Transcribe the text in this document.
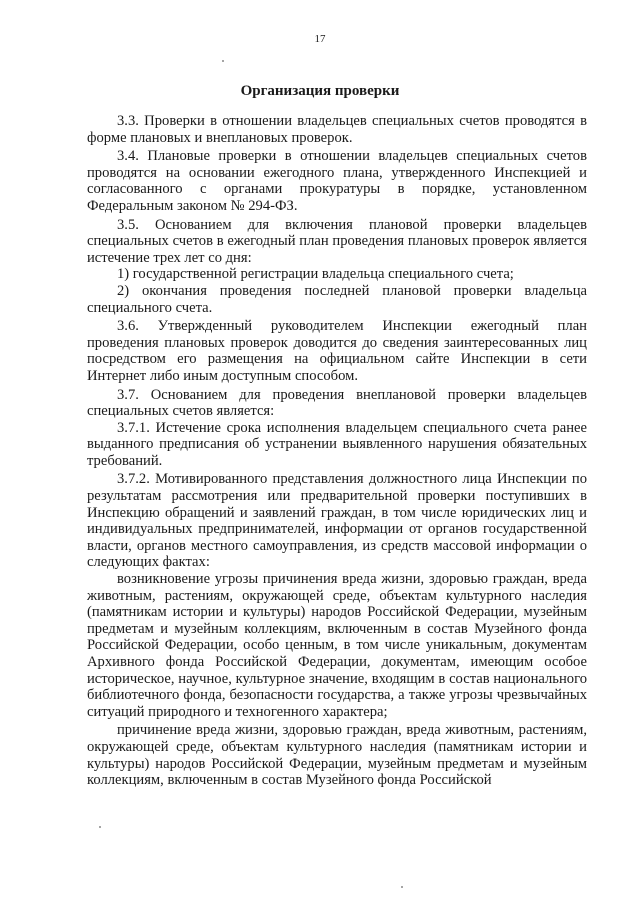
17
Организация проверки

3.3. Проверки в отношении владельцев специальных счетов проводятся в форме плановых и внеплановых проверок.

3.4. Плановые проверки в отношении владельцев специальных счетов проводятся на основании ежегодного плана, утвержденного Инспекцией и согласованного с органами прокуратуры в порядке, установленном Федеральным законом № 294-ФЗ.

3.5. Основанием для включения плановой проверки владельцев специальных счетов в ежегодный план проведения плановых проверок является истечение трех лет со дня:

1) государственной регистрации владельца специального счета;

2) окончания проведения последней плановой проверки владельца специального счета.

3.6. Утвержденный руководителем Инспекции ежегодный план проведения плановых проверок доводится до сведения заинтересованных лиц посредством его размещения на официальном сайте Инспекции в сети Интернет либо иным доступным способом.

3.7. Основанием для проведения внеплановой проверки владельцев специальных счетов является:

3.7.1. Истечение срока исполнения владельцем специального счета ранее выданного предписания об устранении выявленного нарушения обязательных требований.

3.7.2. Мотивированного представления должностного лица Инспекции по результатам рассмотрения или предварительной проверки поступивших в Инспекцию обращений и заявлений граждан, в том числе юридических лиц и индивидуальных предпринимателей, информации от органов государственной власти, органов местного самоуправления, из средств массовой информации о следующих фактах:

возникновение угрозы причинения вреда жизни, здоровью граждан, вреда животным, растениям, окружающей среде, объектам культурного наследия (памятникам истории и культуры) народов Российской Федерации, музейным предметам и музейным коллекциям, включенным в состав Музейного фонда Российской Федерации, особо ценным, в том числе уникальным, документам Архивного фонда Российской Федерации, документам, имеющим особое историческое, научное, культурное значение, входящим в состав национального библиотечного фонда, безопасности государства, а также угрозы чрезвычайных ситуаций природного и техногенного характера;

причинение вреда жизни, здоровью граждан, вреда животным, растениям, окружающей среде, объектам культурного наследия (памятникам истории и культуры) народов Российской Федерации, музейным предметам и музейным коллекциям, включенным в состав Музейного фонда Российской
